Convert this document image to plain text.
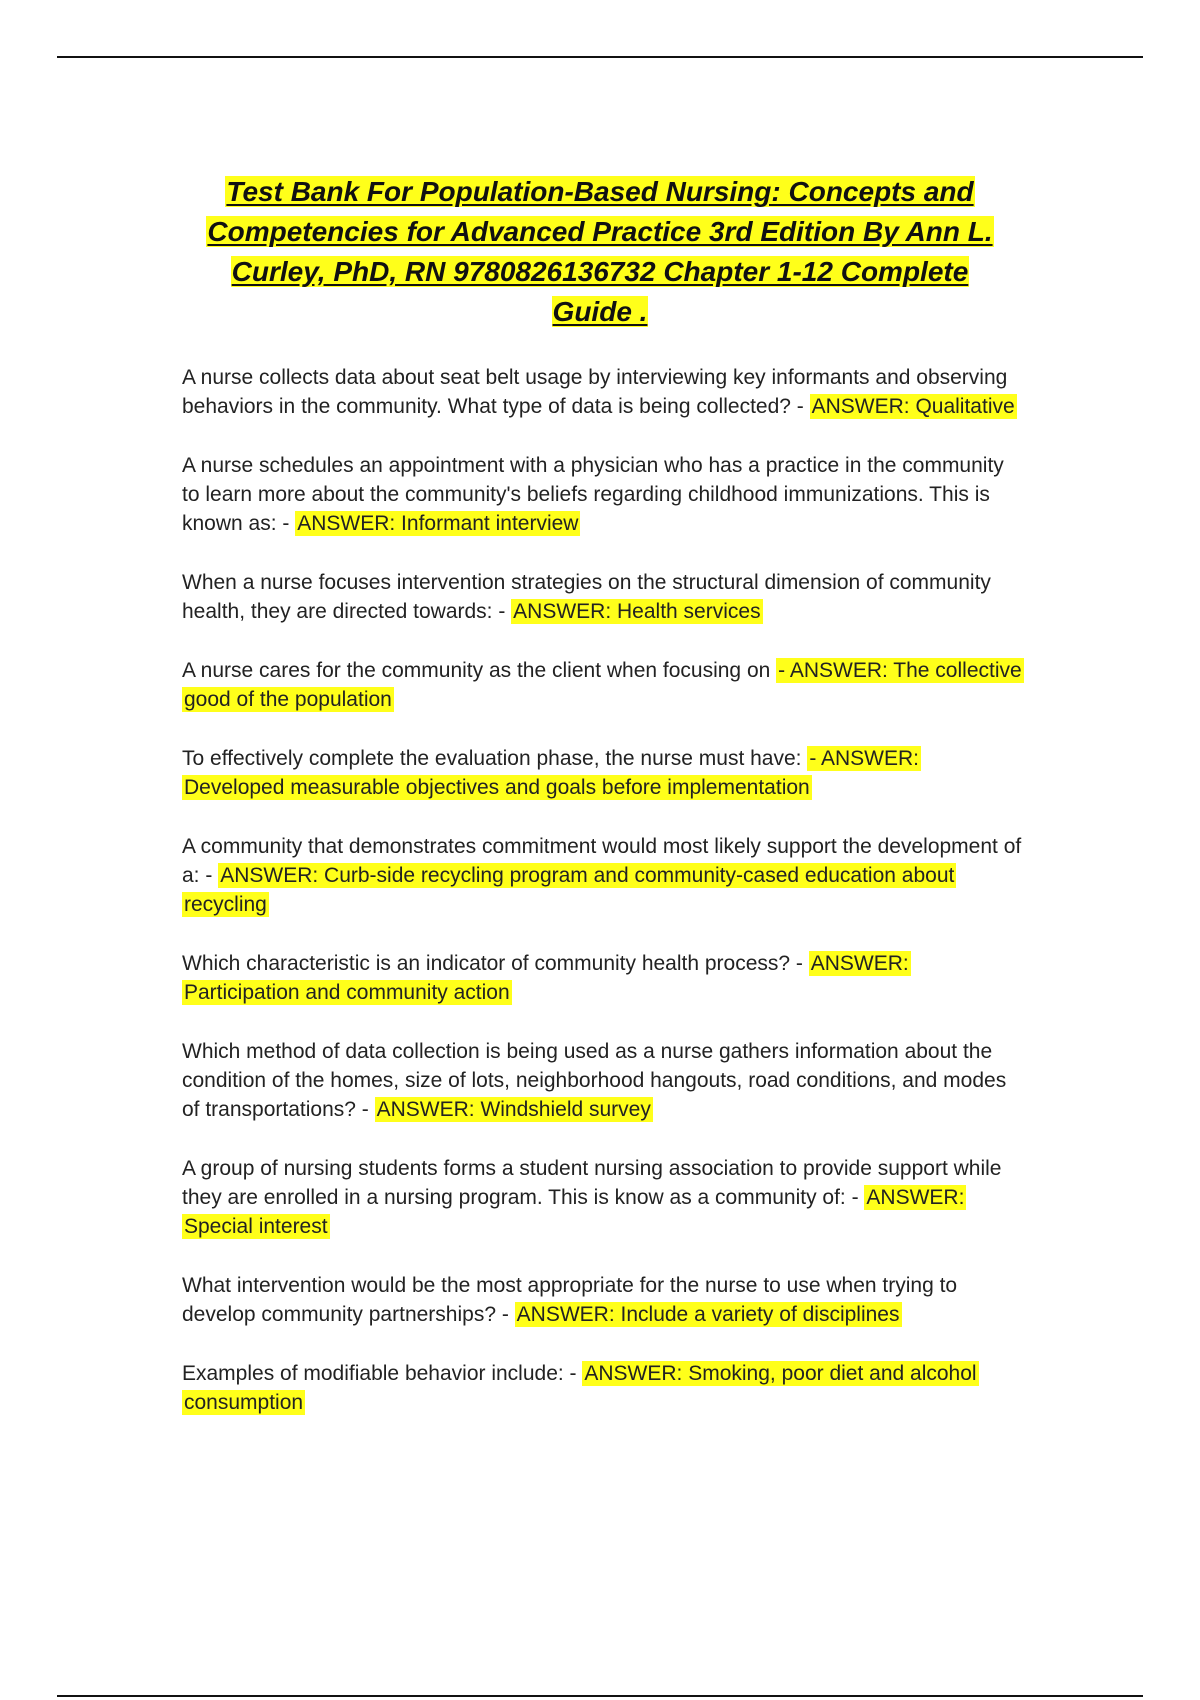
Test Bank For Population-Based Nursing: Concepts and Competencies for Advanced Practice 3rd Edition By Ann L. Curley, PhD, RN 9780826136732 Chapter 1-12 Complete Guide .

A nurse collects data about seat belt usage by interviewing key informants and observing behaviors in the community. What type of data is being collected? - ANSWER: Qualitative

A nurse schedules an appointment with a physician who has a practice in the community to learn more about the community's beliefs regarding childhood immunizations. This is known as: - ANSWER: Informant interview

When a nurse focuses intervention strategies on the structural dimension of community health, they are directed towards: - ANSWER: Health services

A nurse cares for the community as the client when focusing on - ANSWER: The collective good of the population

To effectively complete the evaluation phase, the nurse must have: - ANSWER: Developed measurable objectives and goals before implementation

A community that demonstrates commitment would most likely support the development of a: - ANSWER: Curb-side recycling program and community-cased education about recycling

Which characteristic is an indicator of community health process? - ANSWER: Participation and community action

Which method of data collection is being used as a nurse gathers information about the condition of the homes, size of lots, neighborhood hangouts, road conditions, and modes of transportations? - ANSWER: Windshield survey

A group of nursing students forms a student nursing association to provide support while they are enrolled in a nursing program. This is know as a community of: - ANSWER: Special interest

What intervention would be the most appropriate for the nurse to use when trying to develop community partnerships? - ANSWER: Include a variety of disciplines

Examples of modifiable behavior include: - ANSWER: Smoking, poor diet and alcohol consumption
